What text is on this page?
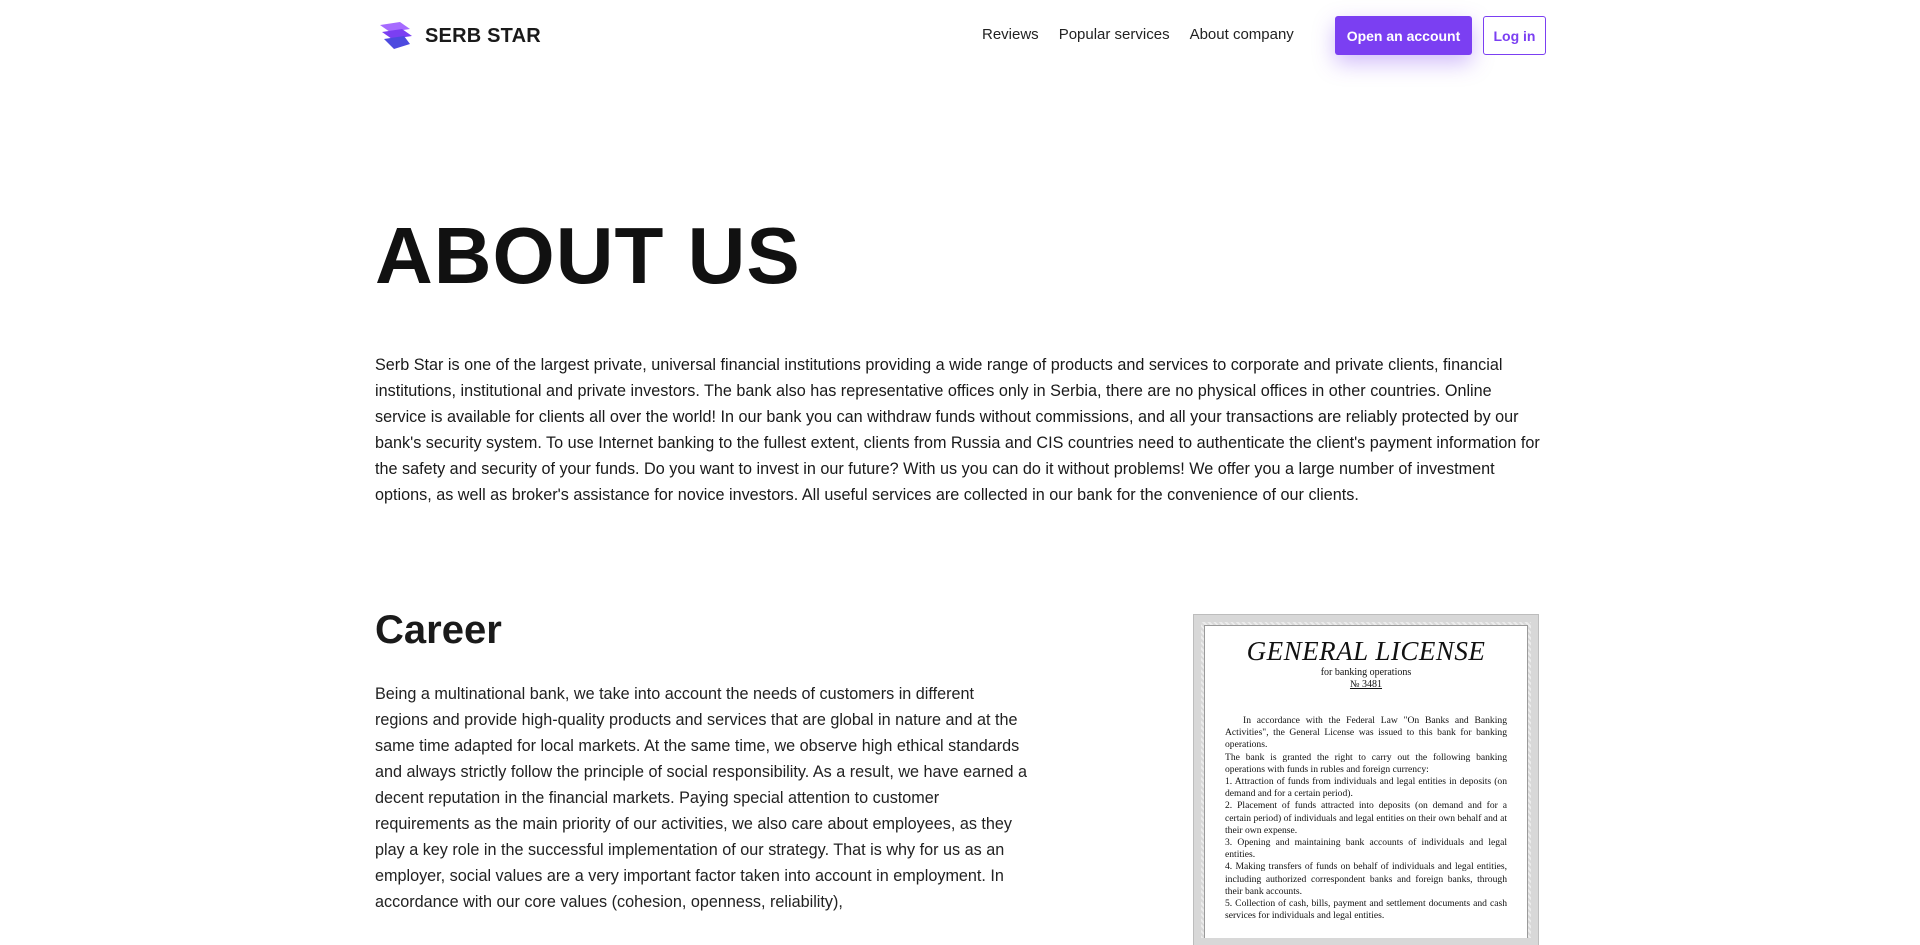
SERB STAR	Reviews Popular services About company	Open an account	Log in
ABOUT US

Serb Star is one of the largest private, universal financial institutions providing a wide range of products and services to corporate and private clients, financial institutions, institutional and private investors. The bank also has representative offices only in Serbia, there are no physical offices in other countries. Online service is available for clients all over the world! In our bank you can withdraw funds without commissions, and all your transactions are reliably protected by our bank's security system. To use Internet banking to the fullest extent, clients from Russia and CIS countries need to authenticate the client's payment information for the safety and security of your funds. Do you want to invest in our future? With us you can do it without problems! We offer you a large number of investment options, as well as broker's assistance for novice investors. All useful services are collected in our bank for the convenience of our clients.

Career

Being a multinational bank, we take into account the needs of customers in different regions and provide high-quality products and services that are global in nature and at the same time adapted for local markets. At the same time, we observe high ethical standards and always strictly follow the principle of social responsibility. As a result, we have earned a decent reputation in the financial markets. Paying special attention to customer requirements as the main priority of our activities, we also care about employees, as they play a key role in the successful implementation of our strategy. That is why for us as an employer, social values are a very important factor taken into account in employment. In accordance with our core values (cohesion, openness, reliability),

GENERAL LICENSE
for banking operations
№ 3481

In accordance with the Federal Law "On Banks and Banking Activities", the General License was issued to this bank for banking operations.

The bank is granted the right to carry out the following banking operations with funds in rubles and foreign currency:

1. Attraction of funds from individuals and legal entities in deposits (on demand and for a certain period).

2. Placement of funds attracted into deposits (on demand and for a certain period) of individuals and legal entities on their own behalf and at their own expense.

3. Opening and maintaining bank accounts of individuals and legal entities.

4. Making transfers of funds on behalf of individuals and legal entities, including authorized correspondent banks and foreign banks, through their bank accounts.

5. Collection of cash, bills, payment and settlement documents and cash services for individuals and legal entities.
